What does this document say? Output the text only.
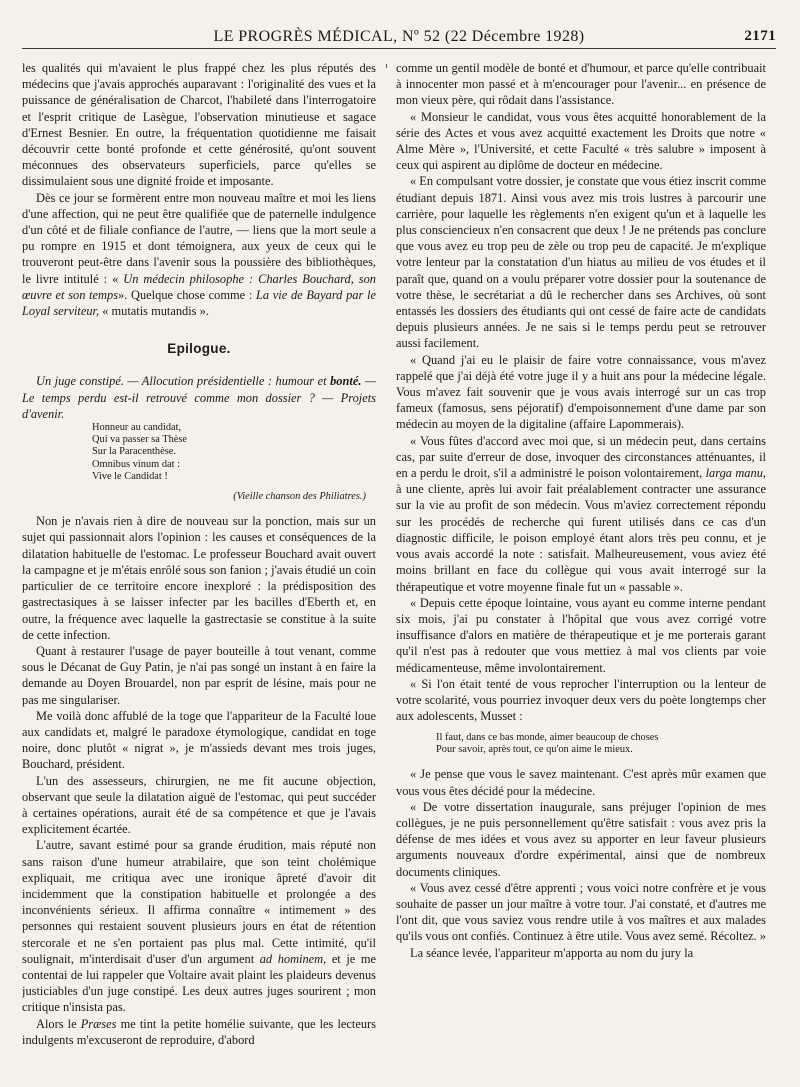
LE PROGRÈS MÉDICAL, Nº 52 (22 Décembre 1928)	2171

les qualités qui m'avaient le plus frappé chez les plus réputés des médecins que j'avais approchés auparavant : l'originalité des vues et la puissance de généralisation de Charcot, l'habileté dans l'interrogatoire et l'esprit critique de Lasègue, l'observation minutieuse et sagace d'Ernest Besnier. En outre, la fréquentation quotidienne me faisait découvrir cette bonté profonde et cette générosité, qu'ont souvent méconnues des observateurs superficiels, parce qu'elles se dissimulaient sous une dignité froide et imposante.

Dès ce jour se formèrent entre mon nouveau maître et moi les liens d'une affection, qui ne peut être qualifiée que de paternelle indulgence d'un côté et de filiale confiance de l'autre, — liens que la mort seule a pu rompre en 1915 et dont témoignera, aux yeux de ceux qui le trouveront peut-être dans l'avenir sous la poussière des bibliothèques, le livre intitulé : « Un médecin philosophe : Charles Bouchard, son œuvre et son temps». Quelque chose comme : La vie de Bayard par le Loyal serviteur, « mutatis mutandis ».

Epilogue.

Un juge constipé. — Allocution présidentielle : humour et bonté. — Le temps perdu est-il retrouvé comme mon dossier ? — Projets d'avenir.

Honneur au candidat,
Qui va passer sa Thèse
Sur la Paracenthèse.
Omnibus vinum dat :
Vive le Candidat !
(Vieille chanson des Philiatres.)

Non je n'avais rien à dire de nouveau sur la ponction, mais sur un sujet qui passionnait alors l'opinion : les causes et conséquences de la dilatation habituelle de l'estomac. Le professeur Bouchard avait ouvert la campagne et je m'étais enrôlé sous son fanion ; j'avais étudié un coin particulier de ce territoire encore inexploré : la prédisposition des gastrectasiques à se laisser infecter par les bacilles d'Eberth et, en outre, la fréquence avec laquelle la gastrectasie se constitue à la suite de cette infection.

Quant à restaurer l'usage de payer bouteille à tout venant, comme sous le Décanat de Guy Patin, je n'ai pas songé un instant à en faire la demande au Doyen Brouardel, non par esprit de lésine, mais pour ne pas me singulariser.

Me voilà donc affublé de la toge que l'appariteur de la Faculté loue aux candidats et, malgré le paradoxe étymologique, candidat en toge noire, donc plutôt « nigrat », je m'assieds devant mes trois juges, Bouchard, président.

L'un des assesseurs, chirurgien, ne me fit aucune objection, observant que seule la dilatation aiguë de l'estomac, qui peut succéder à certaines opérations, aurait été de sa compétence et que je l'avais explicitement écartée.

L'autre, savant estimé pour sa grande érudition, mais réputé non sans raison d'une humeur atrabilaire, que son teint cholémique expliquait, me critiqua avec une ironique âpreté d'avoir dit incidemment que la constipation habituelle et prolongée a des inconvénients sérieux. Il affirma connaître « intimement » des personnes qui restaient souvent plusieurs jours en état de rétention stercorale et ne s'en portaient pas plus mal. Cette intimité, qu'il soulignait, m'interdisait d'user d'un argument ad hominem, et je me contentai de lui rappeler que Voltaire avait plaint les plaideurs devenus justiciables d'un juge constipé. Les deux autres juges sourirent ; mon critique n'insista pas.

Alors le Præses me tint la petite homélie suivante, que les lecteurs indulgents m'excuseront de reproduire, d'abord

comme un gentil modèle de bonté et d'humour, et parce qu'elle contribuait à innocenter mon passé et à m'encourager pour l'avenir... en présence de mon vieux père, qui rôdait dans l'assistance.

« Monsieur le candidat, vous vous êtes acquitté honorablement de la série des Actes et vous avez acquitté exactement les Droits que notre « Alme Mère », l'Université, et cette Faculté « très salubre » imposent à ceux qui aspirent au diplôme de docteur en médecine.

« En compulsant votre dossier, je constate que vous étiez inscrit comme étudiant depuis 1871. Ainsi vous avez mis trois lustres à parcourir une carrière, pour laquelle les règlements n'en exigent qu'un et à laquelle les plus consciencieux n'en consacrent que deux ! Je ne prétends pas conclure que vous avez eu trop peu de zèle ou trop peu de capacité. Je m'explique votre lenteur par la constatation d'un hiatus au milieu de vos études et il paraît que, quand on a voulu préparer votre dossier pour la soutenance de votre thèse, le secrétariat a dû le rechercher dans ses Archives, où sont entassés les dossiers des étudiants qui ont cessé de faire acte de candidats depuis plusieurs années. Je ne sais si le temps perdu peut se retrouver aussi facilement.

« Quand j'ai eu le plaisir de faire votre connaissance, vous m'avez rappelé que j'ai déjà été votre juge il y a huit ans pour la médecine légale. Vous m'avez fait souvenir que je vous avais interrogé sur un cas trop fameux (famosus, sens péjoratif) d'empoisonnement d'une dame par son médecin au moyen de la digitaline (affaire Lapommerais).

« Vous fûtes d'accord avec moi que, si un médecin peut, dans certains cas, par suite d'erreur de dose, invoquer des circonstances atténuantes, il en a perdu le droit, s'il a administré le poison volontairement, larga manu, à une cliente, après lui avoir fait préalablement contracter une assurance sur la vie au profit de son médecin. Vous m'aviez correctement répondu sur les procédés de recherche qui furent utilisés dans ce cas d'un diagnostic difficile, le poison employé étant alors très peu connu, et je vous avais accordé la note : satisfait. Malheureusement, vous aviez été moins brillant en face du collègue qui vous avait interrogé sur la thérapeutique et votre moyenne finale fut un « passable ».

« Depuis cette époque lointaine, vous ayant eu comme interne pendant six mois, j'ai pu constater à l'hôpital que vous avez corrigé votre insuffisance d'alors en matière de thérapeutique et je me porterais garant qu'il n'est pas à redouter que vous mettiez à mal vos clients par voie médicamenteuse, même involontairement.

« Si l'on était tenté de vous reprocher l'interruption ou la lenteur de votre scolarité, vous pourriez invoquer deux vers du poète longtemps cher aux adolescents, Musset :

Il faut, dans ce bas monde, aimer beaucoup de choses
Pour savoir, après tout, ce qu'on aime le mieux.

« Je pense que vous le savez maintenant. C'est après mûr examen que vous vous êtes décidé pour la médecine.

« De votre dissertation inaugurale, sans préjuger l'opinion de mes collègues, je ne puis personnellement qu'être satisfait : vous avez pris la défense de mes idées et vous avez su apporter en leur faveur plusieurs arguments nouveaux d'ordre expérimental, ainsi que de nombreux documents cliniques.

« Vous avez cessé d'être apprenti ; vous voici notre confrère et je vous souhaite de passer un jour maître à votre tour. J'ai constaté, et d'autres me l'ont dit, que vous saviez vous rendre utile à vos maîtres et aux malades qu'ils vous ont confiés. Continuez à être utile. Vous avez semé. Récoltez. »

La séance levée, l'appariteur m'apporta au nom du jury la
